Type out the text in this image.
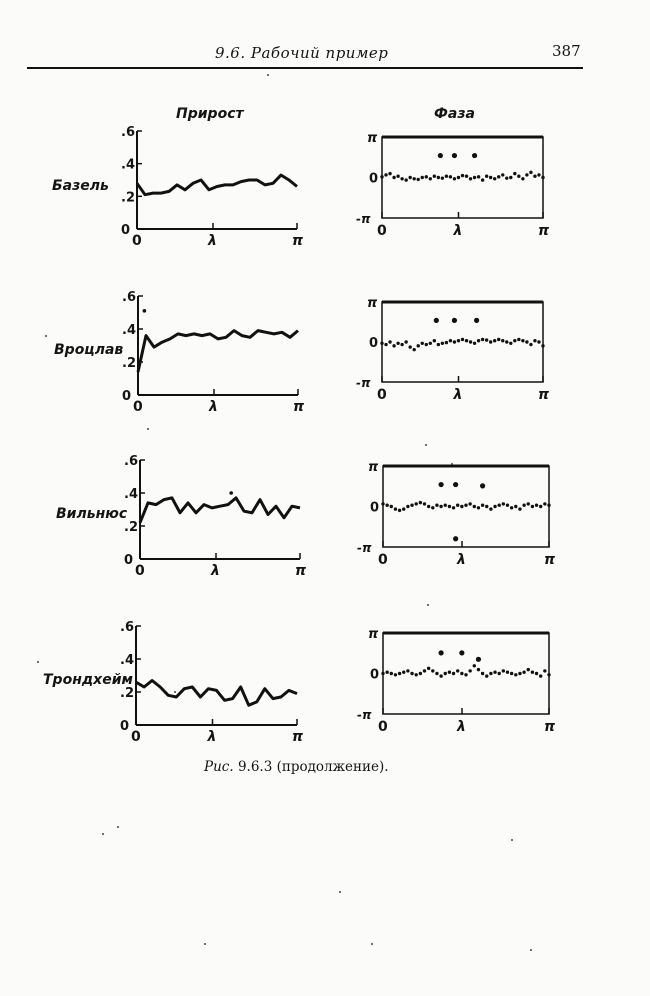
9.6. Рабочий пример	387
Прирост	Фаза
Базель
0
.2
.4
.6
0	λ	π
π
0
-π
0	λ	π
Вроцлав
0
.2
.4
.6
0	λ	π
π
0
-π
0	λ	π
Вильнюс
0
.2
.4
.6
0	λ	π
π
0
-π
0	λ	π
Трондхейм
0
.2
.4
.6
0	λ	π
π
0
-π
0	λ	π
Рис. 9.6.3 (продолжение).
